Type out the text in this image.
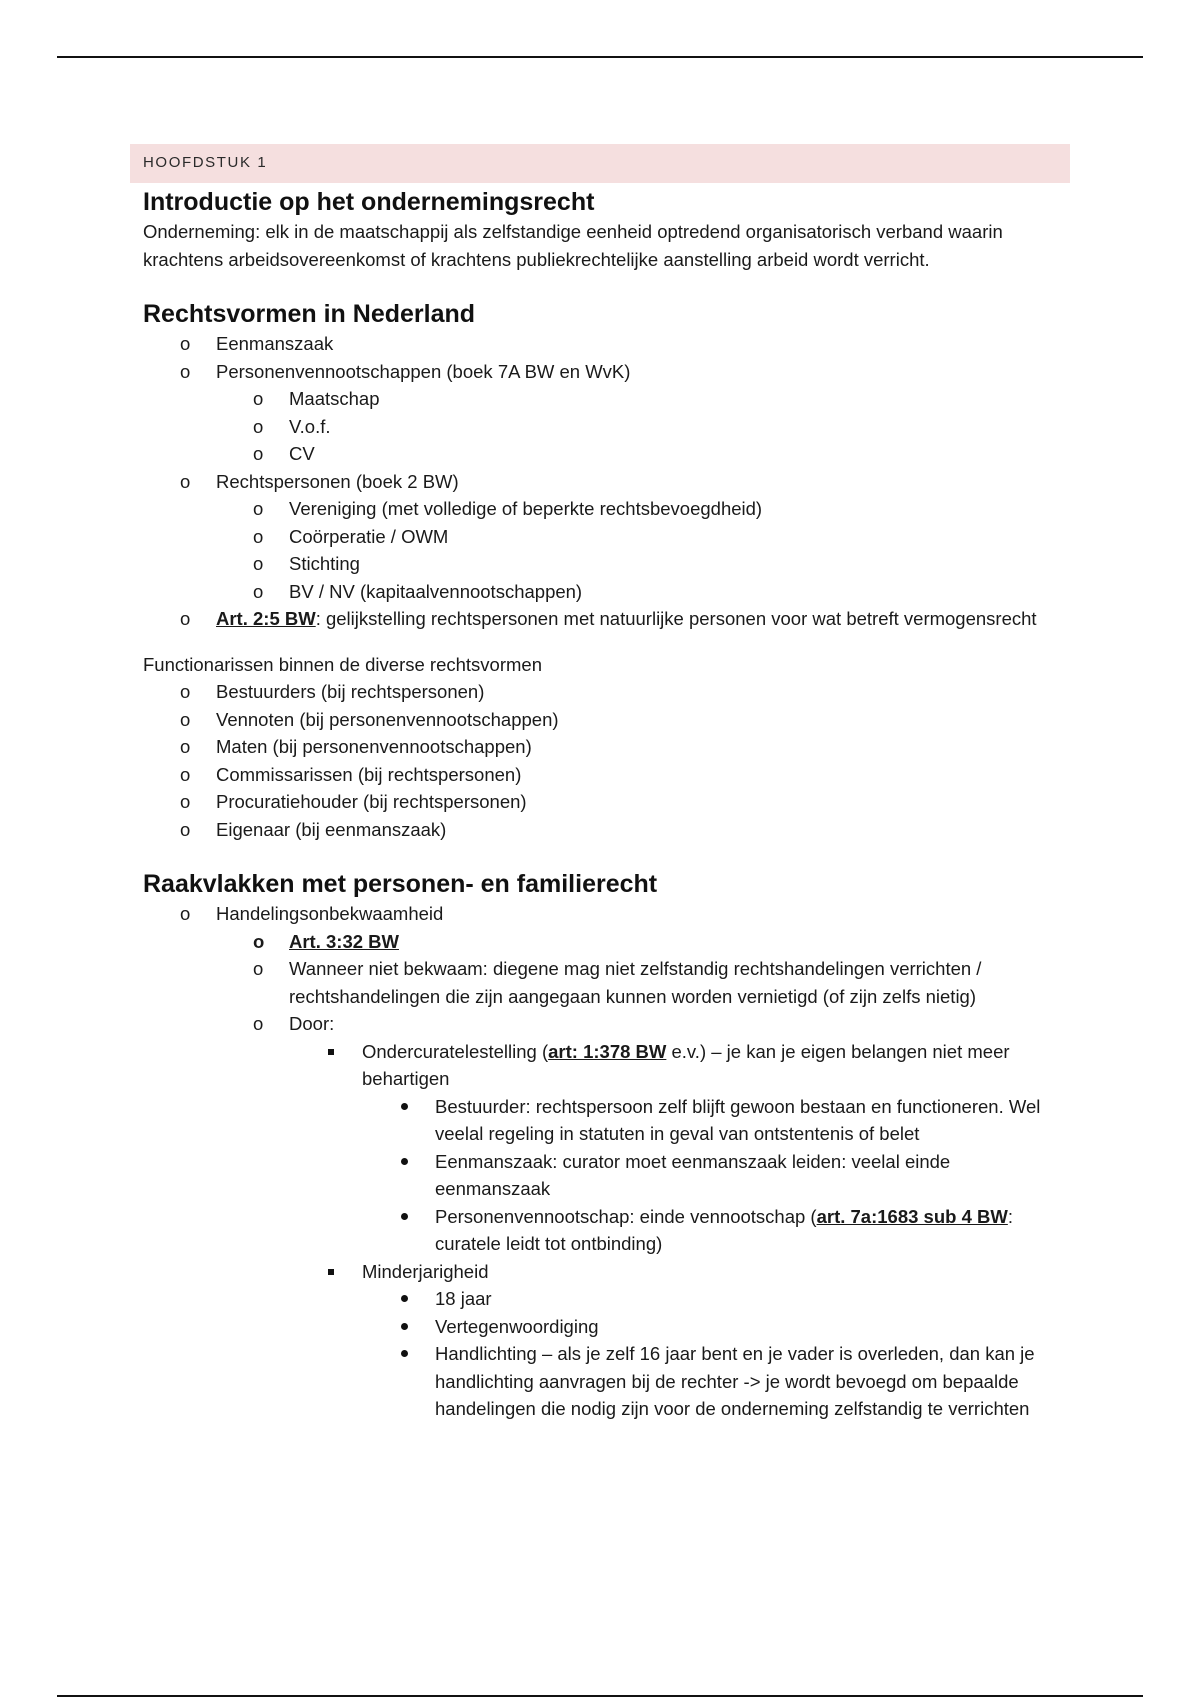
HOOFDSTUK 1
Introductie op het ondernemingsrecht

Onderneming: elk in de maatschappij als zelfstandige eenheid optredend organisatorisch verband waarin krachtens arbeidsovereenkomst of krachtens publiekrechtelijke aanstelling arbeid wordt verricht.

Rechtsvormen in Nederland
o Eenmanszaak
o Personenvennootschappen (boek 7A BW en WvK)
o Maatschap
o V.o.f.
o CV
o Rechtspersonen (boek 2 BW)
o Vereniging (met volledige of beperkte rechtsbevoegdheid)
o Coörperatie / OWM
o Stichting
o BV / NV (kapitaalvennootschappen)
o Art. 2:5 BW: gelijkstelling rechtspersonen met natuurlijke personen voor wat betreft vermogensrecht

Functionarissen binnen de diverse rechtsvormen

o Bestuurders (bij rechtspersonen)
o Vennoten (bij personenvennootschappen)
o Maten (bij personenvennootschappen)
o Commissarissen (bij rechtspersonen)
o Procuratiehouder (bij rechtspersonen)
o Eigenaar (bij eenmanszaak)
Raakvlakken met personen- en familierecht
o Handelingsonbekwaamheid
o Art. 3:32 BW
o Wanneer niet bekwaam: diegene mag niet zelfstandig rechtshandelingen verrichten / rechtshandelingen die zijn aangegaan kunnen worden vernietigd (of zijn zelfs nietig)
o Door:
Ondercuratelestelling (art: 1:378 BW e.v.) – je kan je eigen belangen niet meer behartigen
Bestuurder: rechtspersoon zelf blijft gewoon bestaan en functioneren. Wel veelal regeling in statuten in geval van ontstentenis of belet
Eenmanszaak: curator moet eenmanszaak leiden: veelal einde eenmanszaak
Personenvennootschap: einde vennootschap (art. 7a:1683 sub 4 BW: curatele leidt tot ontbinding)
Minderjarigheid
18 jaar
Vertegenwoordiging
Handlichting – als je zelf 16 jaar bent en je vader is overleden, dan kan je handlichting aanvragen bij de rechter -> je wordt bevoegd om bepaalde handelingen die nodig zijn voor de onderneming zelfstandig te verrichten
